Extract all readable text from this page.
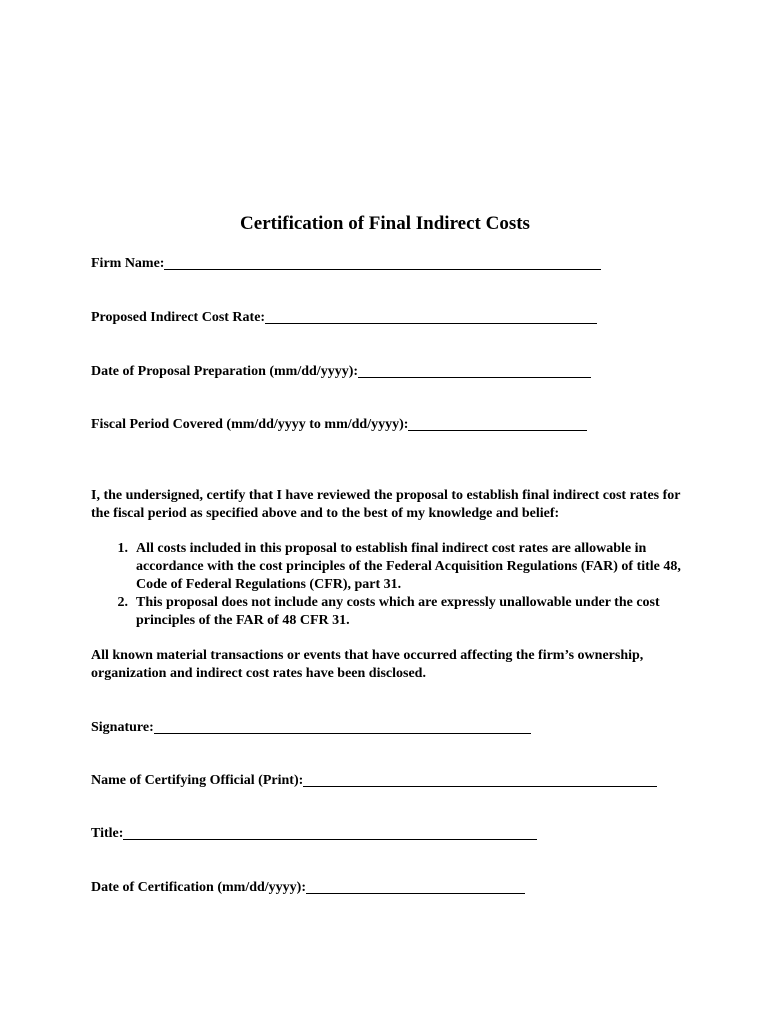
Certification of Final Indirect Costs
Firm Name:
Proposed Indirect Cost Rate:
Date of Proposal Preparation (mm/dd/yyyy):
Fiscal Period Covered (mm/dd/yyyy to mm/dd/yyyy):
I, the undersigned, certify that I have reviewed the proposal to establish final indirect cost rates for the fiscal period as specified above and to the best of my knowledge and belief:
1. All costs included in this proposal to establish final indirect cost rates are allowable in accordance with the cost principles of the Federal Acquisition Regulations (FAR) of title 48, Code of Federal Regulations (CFR), part 31.
2. This proposal does not include any costs which are expressly unallowable under the cost principles of the FAR of 48 CFR 31.
All known material transactions or events that have occurred affecting the firm’s ownership, organization and indirect cost rates have been disclosed.
Signature:
Name of Certifying Official (Print):
Title:
Date of Certification (mm/dd/yyyy):
